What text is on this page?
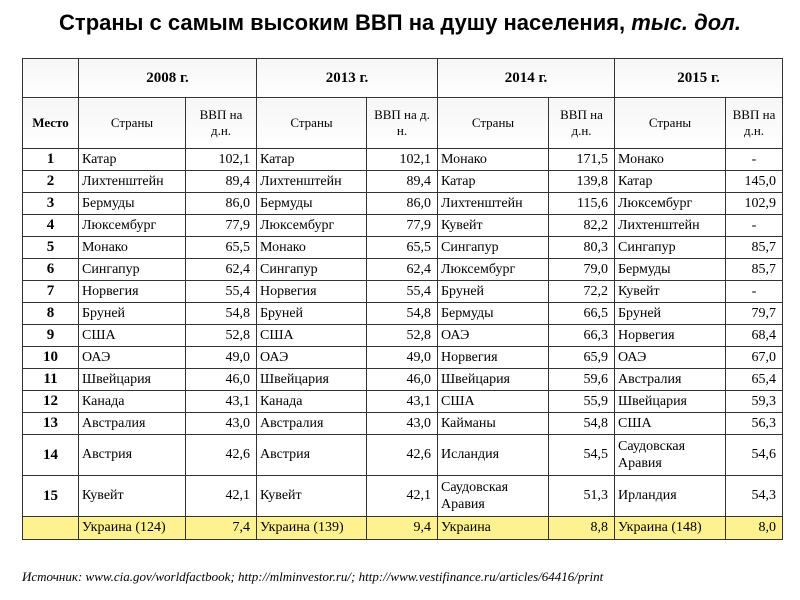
Страны с самым высоким ВВП на душу населения, тыс. дол.
	2008 г.		2013 г.		2014 г.		2015 г.	
Место	Страны	ВВП на д.н.	Страны	ВВП на д. н.	Страны	ВВП на д.н.	Страны	ВВП на д.н.
1	Катар	102,1	Катар	102,1	Монако	171,5	Монако	-
2	Лихтенштейн	89,4	Лихтенштейн	89,4	Катар	139,8	Катар	145,0
3	Бермуды	86,0	Бермуды	86,0	Лихтенштейн	115,6	Люксембург	102,9
4	Люксембург	77,9	Люксембург	77,9	Кувейт	82,2	Лихтенштейн	-
5	Монако	65,5	Монако	65,5	Сингапур	80,3	Сингапур	85,7
6	Сингапур	62,4	Сингапур	62,4	Люксембург	79,0	Бермуды	85,7
7	Норвегия	55,4	Норвегия	55,4	Бруней	72,2	Кувейт	-
8	Бруней	54,8	Бруней	54,8	Бермуды	66,5	Бруней	79,7
9	США	52,8	США	52,8	ОАЭ	66,3	Норвегия	68,4
10	ОАЭ	49,0	ОАЭ	49,0	Норвегия	65,9	ОАЭ	67,0
11	Швейцария	46,0	Швейцария	46,0	Швейцария	59,6	Австралия	65,4
12	Канада	43,1	Канада	43,1	США	55,9	Швейцария	59,3
13	Австралия	43,0	Австралия	43,0	Кайманы	54,8	США	56,3
14	Австрия	42,6	Австрия	42,6	Исландия	54,5	Саудовская Аравия	54,6
15	Кувейт	42,1	Кувейт	42,1	Саудовская Аравия	51,3	Ирландия	54,3
	Украина (124)	7,4	Украина (139)	9,4	Украина	8,8	Украина (148)	8,0
Источник: www.cia.gov/worldfactbook; http://mlminvestor.ru/; http://www.vestifinance.ru/articles/64416/print
